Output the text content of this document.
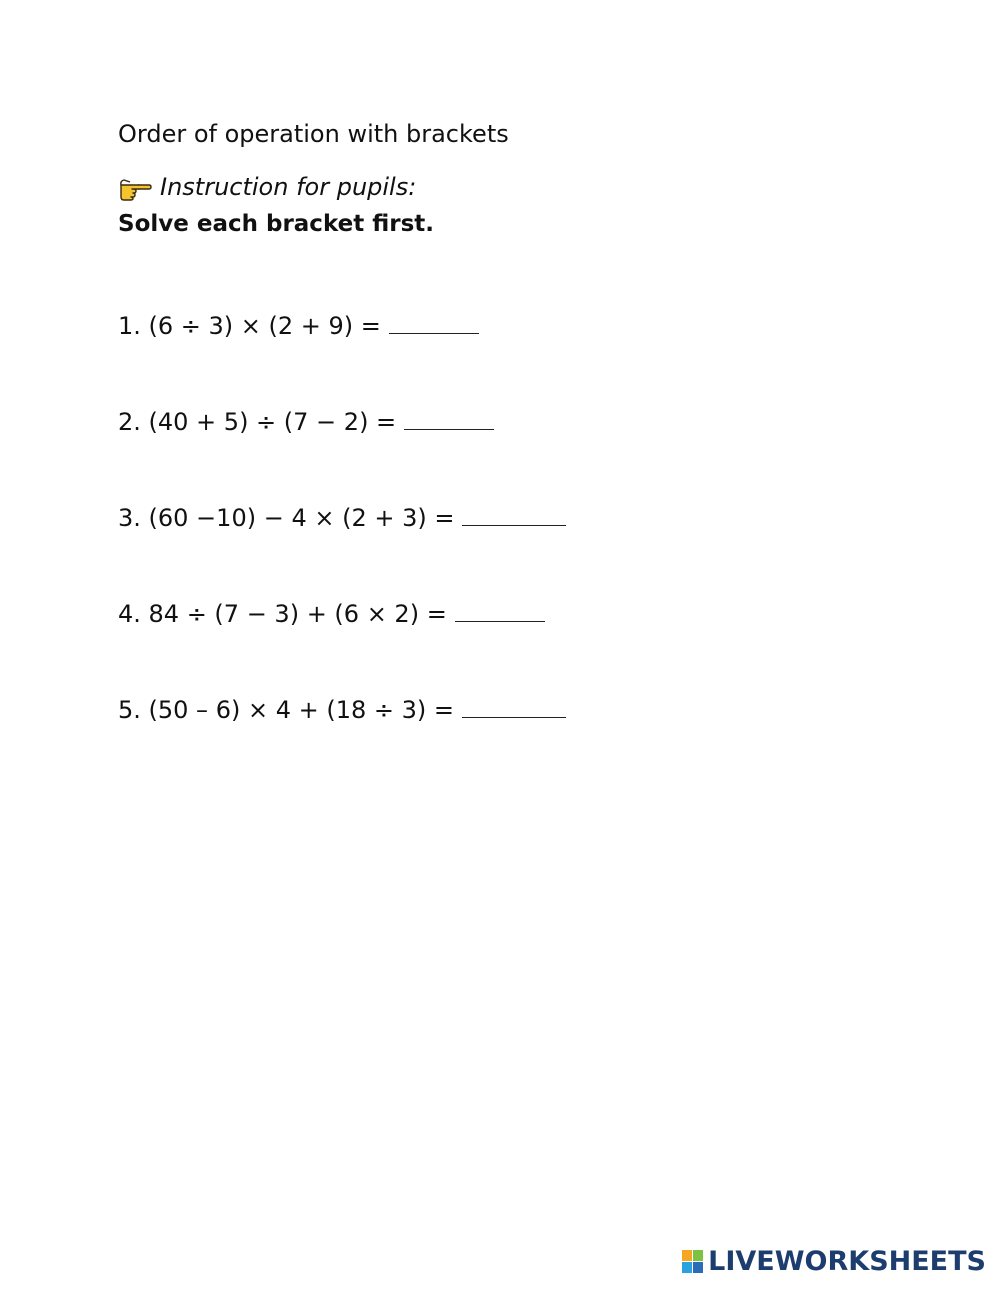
Order of operation with brackets
Instruction for pupils:
Solve each bracket first.
1. (6 ÷ 3) × (2 + 9) =
2. (40 + 5) ÷ (7 − 2) =
3. (60 −10) − 4 × (2 + 3) =
4. 84 ÷ (7 − 3) + (6 × 2) =
5. (50 – 6) × 4 + (18 ÷ 3) =
LIVEWORKSHEETS
